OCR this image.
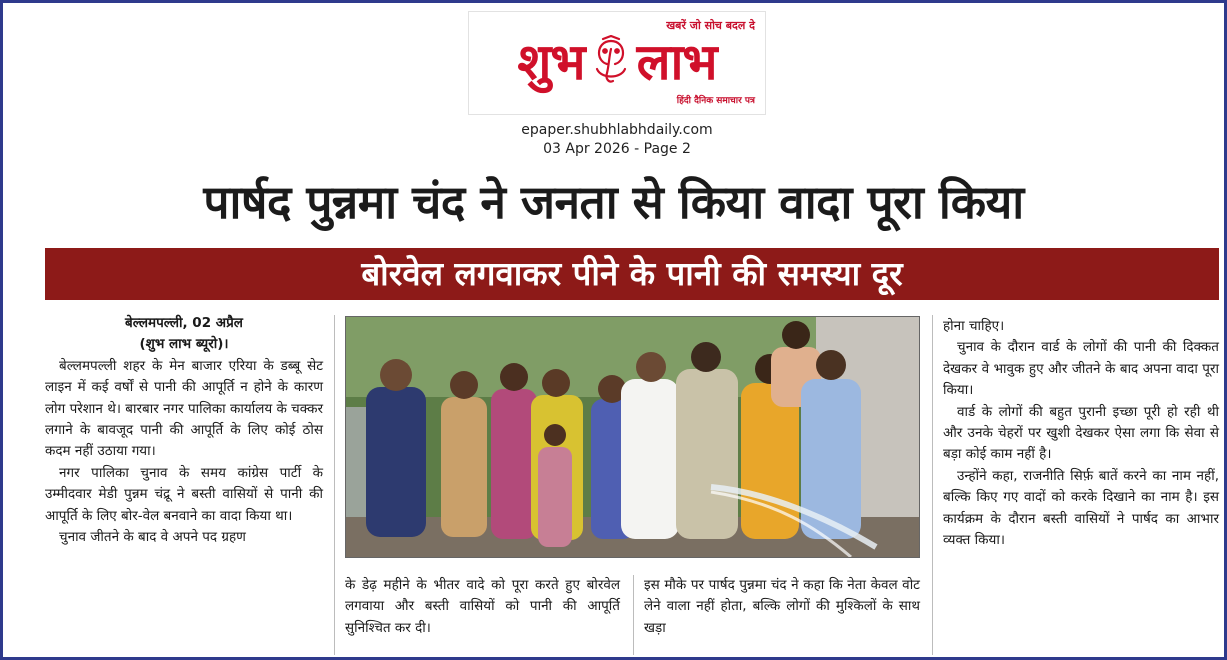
खबरें जो सोच बदल दे
शुभ लाभ
हिंदी दैनिक समाचार पत्र
epaper.shubhlabhdaily.com
03 Apr 2026 - Page 2
पार्षद पुन्नमा चंद ने जनता से किया वादा पूरा किया
बोरवेल लगवाकर पीने के पानी की समस्या दूर

बेल्लमपल्ली, 02 अप्रैल

(शुभ लाभ ब्यूरो)।

बेल्लमपल्ली शहर के मेन बाजार एरिया के डब्बू सेट लाइन में कई वर्षों से पानी की आपूर्ति न होने के कारण लोग परेशान थे। बारबार नगर पालिका कार्यालय के चक्कर लगाने के बावजूद पानी की आपूर्ति के लिए कोई ठोस कदम नहीं उठाया गया।

नगर पालिका चुनाव के समय कांग्रेस पार्टी के उम्मीदवार मेडी पुन्नम चंद्रू ने बस्ती वासियों से पानी की आपूर्ति के लिए बोर-वेल बनवाने का वादा किया था।

चुनाव जीतने के बाद वे अपने पद ग्रहण

के डेढ़ महीने के भीतर वादे को पूरा करते हुए बोरवेल लगवाया और बस्ती वासियों को पानी की आपूर्ति सुनिश्चित कर दी।

इस मौके पर पार्षद पुन्नमा चंद ने कहा कि नेता केवल वोट लेने वाला नहीं होता, बल्कि लोगों की मुश्किलों के साथ खड़ा

होना चाहिए।

चुनाव के दौरान वार्ड के लोगों की पानी की दिक्कत देखकर वे भावुक हुए और जीतने के बाद अपना वादा पूरा किया।

वार्ड के लोगों की बहुत पुरानी इच्छा पूरी हो रही थी और उनके चेहरों पर खुशी देखकर ऐसा लगा कि सेवा से बड़ा कोई काम नहीं है।

उन्होंने कहा, राजनीति सिर्फ़ बातें करने का नाम नहीं, बल्कि किए गए वादों को करके दिखाने का नाम है। इस कार्यक्रम के दौरान बस्ती वासियों ने पार्षद का आभार व्यक्त किया।
